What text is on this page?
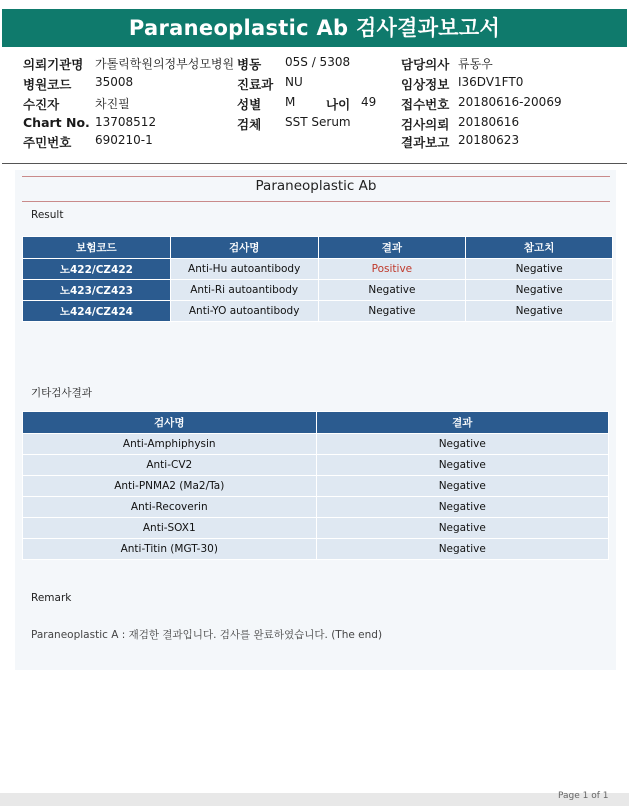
Paraneoplastic Ab 검사결과보고서
의뢰기관명 가톨릭학원의정부성모병원 병동 05S / 5308	담당의사 류동우
병원코드 35008	진료과 NU	임상정보 I36DV1FT0
수진자	차진필	성별 M 나이 49 접수번호 20180616-20069
Chart No. 13708512	검체 SST Serum	검사의뢰 20180616
주민번호 690210-1	결과보고 20180623
Paraneoplastic Ab
Result
보험코드	검사명	결과	참고치
노422/CZ422	Anti-Hu autoantibody	Positive	Negative
노423/CZ423	Anti-Ri autoantibody	Negative	Negative
노424/CZ424	Anti-YO autoantibody	Negative	Negative
기타검사결과
검사명	결과
Anti-Amphiphysin	Negative
Anti-CV2	Negative
Anti-PNMA2 (Ma2/Ta)	Negative
Anti-Recoverin	Negative
Anti-SOX1	Negative
Anti-Titin (MGT-30)	Negative
Remark
Paraneoplastic A : 재검한 결과입니다. 검사를 완료하였습니다. (The end)
Page 1 of 1
